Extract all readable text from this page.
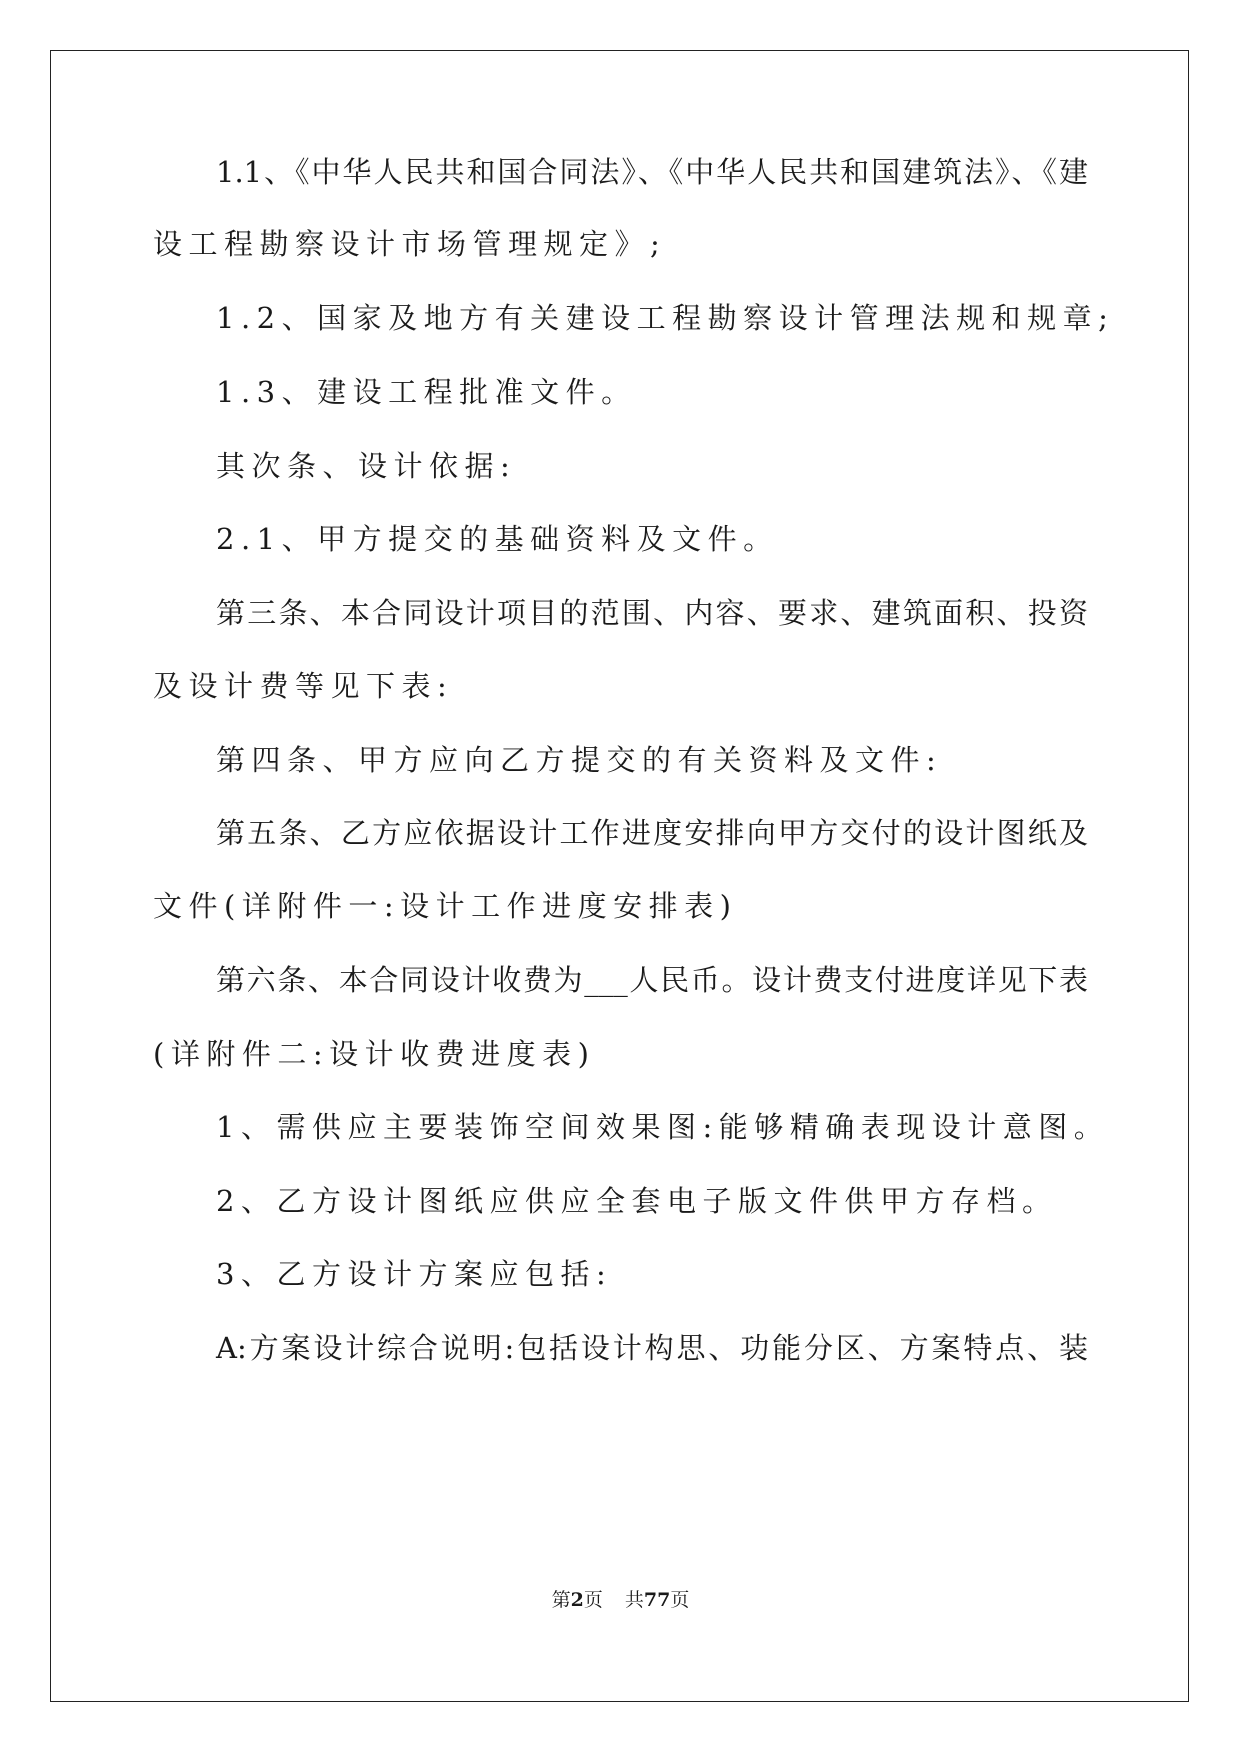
1.1、《中华人民共和国合同法》、《中华人民共和国建筑法》、《建
设工程勘察设计市场管理规定》;
1.2、国家及地方有关建设工程勘察设计管理法规和规章;
1.3、建设工程批准文件。
其次条、设计依据:
2.1、甲方提交的基础资料及文件。
第三条、本合同设计项目的范围、内容、要求、建筑面积、投资
及设计费等见下表:
第四条、甲方应向乙方提交的有关资料及文件:
第五条、乙方应依据设计工作进度安排向甲方交付的设计图纸及
文件(详附件一:设计工作进度安排表)
第六条、本合同设计收费为___人民币。设计费支付进度详见下表
(详附件二:设计收费进度表)
1、需供应主要装饰空间效果图:能够精确表现设计意图。
2、乙方设计图纸应供应全套电子版文件供甲方存档。
3、乙方设计方案应包括:
A:方案设计综合说明:包括设计构思、功能分区、方案特点、装
第2页 共77页
